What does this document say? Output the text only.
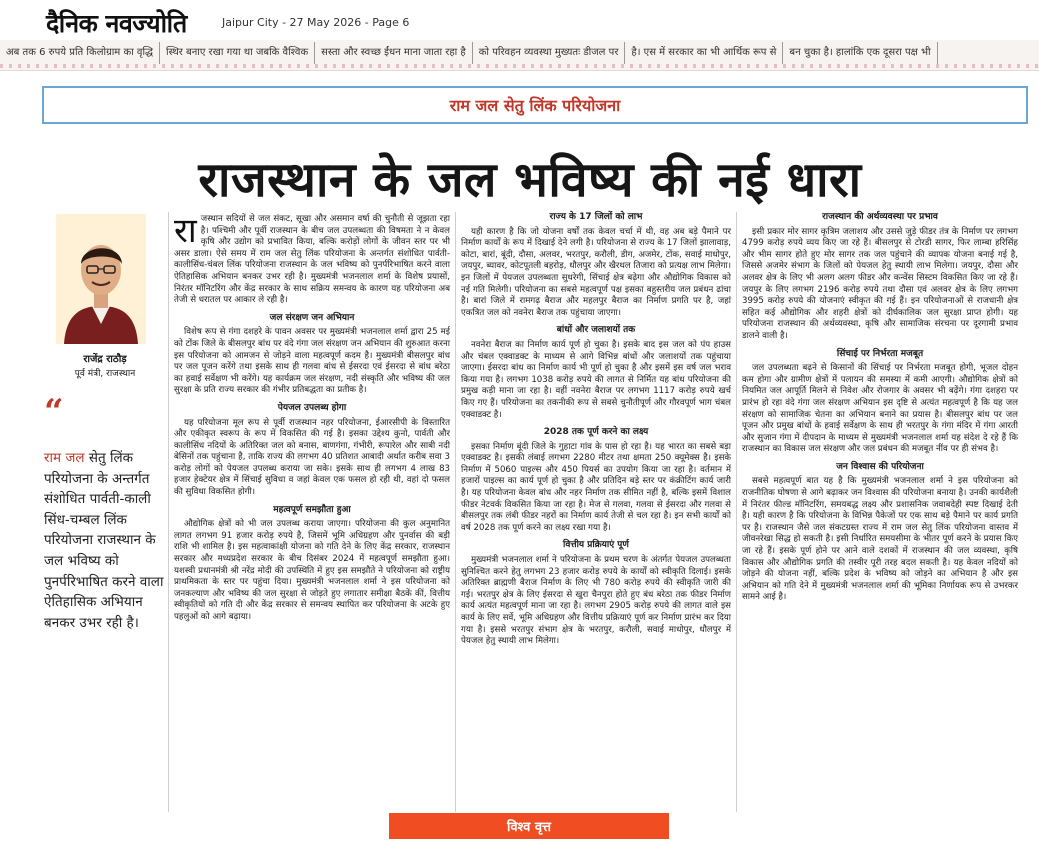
दैनिक नवज्योति	Jaipur City - 27 May 2026 - Page 6
अब तक 6 रुपये प्रति किलोग्राम का वृद्धि स्थिर बनाए रखा गया था जबकि वैश्विक सस्ता और स्वच्छ ईंधन माना जाता रहा है को परिवहन व्यवस्था मुख्यतः डीजल पर है। एस में सरकार का भी आर्थिक रूप से बन चुका है। हालांकि एक दूसरा पक्ष भी
राम जल सेतु लिंक परियोजना
राजस्थान के जल भविष्य की नई धारा
राजेंद्र राठौड़
पूर्व मंत्री, राजस्थान
“
राम जल सेतु लिंक परियोजना के अन्तर्गत संशोधित पार्वती-काली सिंध-चम्बल लिंक परियोजना राजस्थान के जल भविष्य को पुनर्परिभाषित करने वाला ऐतिहासिक अभियान बनकर उभर रही है।
रा जस्थान सदियों से जल संकट, सूखा और असमान वर्षा की चुनौती से जूझता रहा है। पश्चिमी और पूर्वी राजस्थान के बीच जल उपलब्धता की विषमता ने न केवल कृषि और उद्योग को प्रभावित किया, बल्कि करोड़ों लोगों के जीवन स्तर पर भी असर डाला। ऐसे समय में राम जल सेतु लिंक परियोजना के अन्तर्गत संशोधित पार्वती-कालीसिंध-चंबल लिंक परियोजना राजस्थान के जल भविष्य को पुनर्परिभाषित करने वाला ऐतिहासिक अभियान बनकर उभर रही है। मुख्यमंत्री भजनलाल शर्मा के विशेष प्रयासों, निरंतर मॉनिटरिंग और केंद्र सरकार के साथ सक्रिय समन्वय के कारण यह परियोजना अब तेजी से धरातल पर आकार ले रही है।

जल संरक्षण जन अभियान

विशेष रूप से गंगा दशहरे के पावन अवसर पर मुख्यमंत्री भजनलाल शर्मा द्वारा 25 मई को टोंक जिले के बीसलपुर बांध पर वंदे गंगा जल संरक्षण जन अभियान की शुरुआत करना इस परियोजना को आमजन से जोड़ने वाला महत्वपूर्ण कदम है। मुख्यमंत्री बीसलपुर बांध पर जल पूजन करेंगे तथा इसके साथ ही गलवा बांध से ईसरदा एवं ईसरदा से बांध बरेठा का हवाई सर्वेक्षण भी करेंगे। यह कार्यक्रम जल संरक्षण, नदी संस्कृति और भविष्य की जल सुरक्षा के प्रति राज्य सरकार की गंभीर प्रतिबद्धता का प्रतीक है।

पेयजल उपलब्ध होगा

यह परियोजना मूल रूप से पूर्वी राजस्थान नहर परियोजना, ईआरसीपी के विस्तारित और एकीकृत स्वरूप के रूप में विकसित की गई है। इसका उद्देश्य कुनो, पार्वती और कालीसिंध नदियों के अतिरिक्त जल को बनास, बाणगंगा, गंभीरी, रूपारेल और साबी नदी बेसिनों तक पहुंचाना है, ताकि राज्य की लगभग 40 प्रतिशत आबादी अर्थात करीब सवा 3 करोड़ लोगों को पेयजल उपलब्ध कराया जा सके। इसके साथ ही लगभग 4 लाख 83 हजार हेक्टेयर क्षेत्र में सिंचाई सुविधा व जहां केवल एक फसल हो रही थी, वहां दो फसल की सुविधा विकसित होगी।

महत्वपूर्ण समझौता हुआ

औद्योगिक क्षेत्रों को भी जल उपलब्ध कराया जाएगा। परियोजना की कुल अनुमानित लागत लगभग 91 हजार करोड़ रुपये है, जिसमें भूमि अधिग्रहण और पुनर्वास की बड़ी राशि भी शामिल है। इस महत्वाकांक्षी योजना को गति देने के लिए केंद्र सरकार, राजस्थान सरकार और मध्यप्रदेश सरकार के बीच दिसंबर 2024 में महत्वपूर्ण समझौता हुआ। यशस्वी प्रधानमंत्री श्री नरेंद्र मोदी की उपस्थिति में हुए इस समझौते ने परियोजना को राष्ट्रीय प्राथमिकता के स्तर पर पहुंचा दिया। मुख्यमंत्री भजनलाल शर्मा ने इस परियोजना को जनकल्याण और भविष्य की जल सुरक्षा से जोड़ते हुए लगातार समीक्षा बैठकें कीं, वित्तीय स्वीकृतियों को गति दी और केंद्र सरकार से समन्वय स्थापित कर परियोजना के अटके हुए पहलुओं को आगे बढ़ाया।

राज्य के 17 जिलों को लाभ

यही कारण है कि जो योजना वर्षों तक केवल चर्चा में थी, वह अब बड़े पैमाने पर निर्माण कार्यों के रूप में दिखाई देने लगी है। परियोजना से राज्य के 17 जिलों झालावाड़, कोटा, बारां, बूंदी, दौसा, अलवर, भरतपुर, करौली, डीग, अजमेर, टोंक, सवाई माधोपुर, जयपुर, ब्यावर, कोटपूतली बहरोड़, धौलपुर और खैरथल तिजारा को प्रत्यक्ष लाभ मिलेगा। इन जिलों में पेयजल उपलब्धता सुधरेगी, सिंचाई क्षेत्र बढ़ेगा और औद्योगिक विकास को नई गति मिलेगी। परियोजना का सबसे महत्वपूर्ण पक्ष इसका बहुस्तरीय जल प्रबंधन ढांचा है। बारां जिले में रामगढ़ बैराज और महलपुर बैराज का निर्माण प्रगति पर है, जहां एकत्रित जल को नवनेरा बैराज तक पहुंचाया जाएगा।

बांधों और जलाशयों तक

नवनेरा बैराज का निर्माण कार्य पूर्ण हो चुका है। इसके बाद इस जल को पंप हाउस और चंबल एक्वाडक्ट के माध्यम से आगे विभिन्न बांधों और जलाशयों तक पहुंचाया जाएगा। ईसरदा बांध का निर्माण कार्य भी पूर्ण हो चुका है और इसमें इस वर्ष जल भराव किया गया है। लगभग 1038 करोड़ रुपये की लागत से निर्मित यह बांध परियोजना की प्रमुख कड़ी माना जा रहा है। वहीं नवनेरा बैराज पर लगभग 1117 करोड़ रुपये खर्च किए गए हैं। परियोजना का तकनीकी रूप से सबसे चुनौतीपूर्ण और गौरवपूर्ण भाग चंबल एक्वाडक्ट है।

2028 तक पूर्ण करने का लक्ष्य

इसका निर्माण बूंदी जिले के गुहाटा गांव के पास हो रहा है। यह भारत का सबसे बड़ा एक्वाडक्ट है। इसकी लंबाई लगभग 2280 मीटर तथा क्षमता 250 क्यूमेक्स है। इसके निर्माण में 5060 पाइल्स और 450 पियर्स का उपयोग किया जा रहा है। वर्तमान में हजारों पाइल्स का कार्य पूर्ण हो चुका है और प्रतिदिन बड़े स्तर पर कंक्रीटिंग कार्य जारी है। यह परियोजना केवल बांध और नहर निर्माण तक सीमित नहीं है, बल्कि इसमें विशाल फीडर नेटवर्क विकसित किया जा रहा है। मेज से गलवा, गलवा से ईसरदा और गलवा से बीसलपुर तक लंबी फीडर नहरों का निर्माण कार्य तेजी से चल रहा है। इन सभी कार्यों को वर्ष 2028 तक पूर्ण करने का लक्ष्य रखा गया है।

वित्तीय प्रक्रियाएं पूर्ण

मुख्यमंत्री भजनलाल शर्मा ने परियोजना के प्रथम चरण के अंतर्गत पेयजल उपलब्धता सुनिश्चित करने हेतु लगभग 23 हजार करोड़ रुपये के कार्यों को स्वीकृति दिलाई। इसके अतिरिक्त ब्राह्मणी बैराज निर्माण के लिए भी 780 करोड़ रुपये की स्वीकृति जारी की गई। भरतपुर क्षेत्र के लिए ईसरदा से खुरा चैनपुरा होते हुए बंध बरेठा तक फीडर निर्माण कार्य अत्यंत महत्वपूर्ण माना जा रहा है। लगभग 2905 करोड़ रुपये की लागत वाले इस कार्य के लिए सर्वे, भूमि अधिग्रहण और वित्तीय प्रक्रियाएं पूर्ण कर निर्माण प्रारंभ कर दिया गया है। इससे भरतपुर संभाग क्षेत्र के भरतपुर, करौली, सवाई माधोपुर, धौलपुर में पेयजल हेतु स्थायी लाभ मिलेगा।

राजस्थान की अर्थव्यवस्था पर प्रभाव

इसी प्रकार मोर सागर कृत्रिम जलाशय और उससे जुड़े फीडर तंत्र के निर्माण पर लगभग 4799 करोड़ रुपये व्यय किए जा रहे हैं। बीसलपुर से टोरडी सागर, फिर लाम्बा हरिसिंह और भीम सागर होते हुए मोर सागर तक जल पहुंचाने की व्यापक योजना बनाई गई है, जिससे अजमेर संभाग के जिलों को पेयजल हेतु स्थायी लाभ मिलेगा। जयपुर, दौसा और अलवर क्षेत्र के लिए भी अलग अलग फीडर और कन्वेंस सिस्टम विकसित किए जा रहे हैं। जयपुर के लिए लगभग 2196 करोड़ रुपये तथा दौसा एवं अलवर क्षेत्र के लिए लगभग 3995 करोड़ रुपये की योजनाएं स्वीकृत की गई हैं। इन परियोजनाओं से राजधानी क्षेत्र सहित कई औद्योगिक और शहरी क्षेत्रों को दीर्घकालिक जल सुरक्षा प्राप्त होगी। यह परियोजना राजस्थान की अर्थव्यवस्था, कृषि और सामाजिक संरचना पर दूरगामी प्रभाव डालने वाली है।

सिंचाई पर निर्भरता मजबूत

जल उपलब्धता बढ़ने से किसानों की सिंचाई पर निर्भरता मजबूत होगी, भूजल दोहन कम होगा और ग्रामीण क्षेत्रों में पलायन की समस्या में कमी आएगी। औद्योगिक क्षेत्रों को नियमित जल आपूर्ति मिलने से निवेश और रोजगार के अवसर भी बढ़ेंगे। गंगा दशहरा पर प्रारंभ हो रहा वंदे गंगा जल संरक्षण अभियान इस दृष्टि से अत्यंत महत्वपूर्ण है कि यह जल संरक्षण को सामाजिक चेतना का अभियान बनाने का प्रयास है। बीसलपुर बांध पर जल पूजन और प्रमुख बांधों के हवाई सर्वेक्षण के साथ ही भरतपुर के गंगा मंदिर में गंगा आरती और सुजान गंगा में दीपदान के माध्यम से मुख्यमंत्री भजनलाल शर्मा यह संदेश दे रहे हैं कि राजस्थान का विकास जल संरक्षण और जल प्रबंधन की मजबूत नींव पर ही संभव है।

जन विश्वास की परियोजना

सबसे महत्वपूर्ण बात यह है कि मुख्यमंत्री भजनलाल शर्मा ने इस परियोजना को राजनीतिक घोषणा से आगे बढ़ाकर जन विश्वास की परियोजना बनाया है। उनकी कार्यशैली में निरंतर फील्ड मॉनिटरिंग, समयबद्ध लक्ष्य और प्रशासनिक जवाबदेही स्पष्ट दिखाई देती है। यही कारण है कि परियोजना के विभिन्न पैकेजों पर एक साथ बड़े पैमाने पर कार्य प्रगति पर है। राजस्थान जैसे जल संकटग्रस्त राज्य में राम जल सेतु लिंक परियोजना वास्तव में जीवनरेखा सिद्ध हो सकती है। इसी निर्धारित समयसीमा के भीतर पूर्ण करने के प्रयास किए जा रहे हैं। इसके पूर्ण होने पर आने वाले दशकों में राजस्थान की जल व्यवस्था, कृषि विकास और औद्योगिक प्रगति की तस्वीर पूरी तरह बदल सकती है। यह केवल नदियों को जोड़ने की योजना नहीं, बल्कि प्रदेश के भविष्य को जोड़ने का अभियान है और इस अभियान को गति देने में मुख्यमंत्री भजनलाल शर्मा की भूमिका निर्णायक रूप से उभरकर सामने आई है।

विश्व वृत्त
